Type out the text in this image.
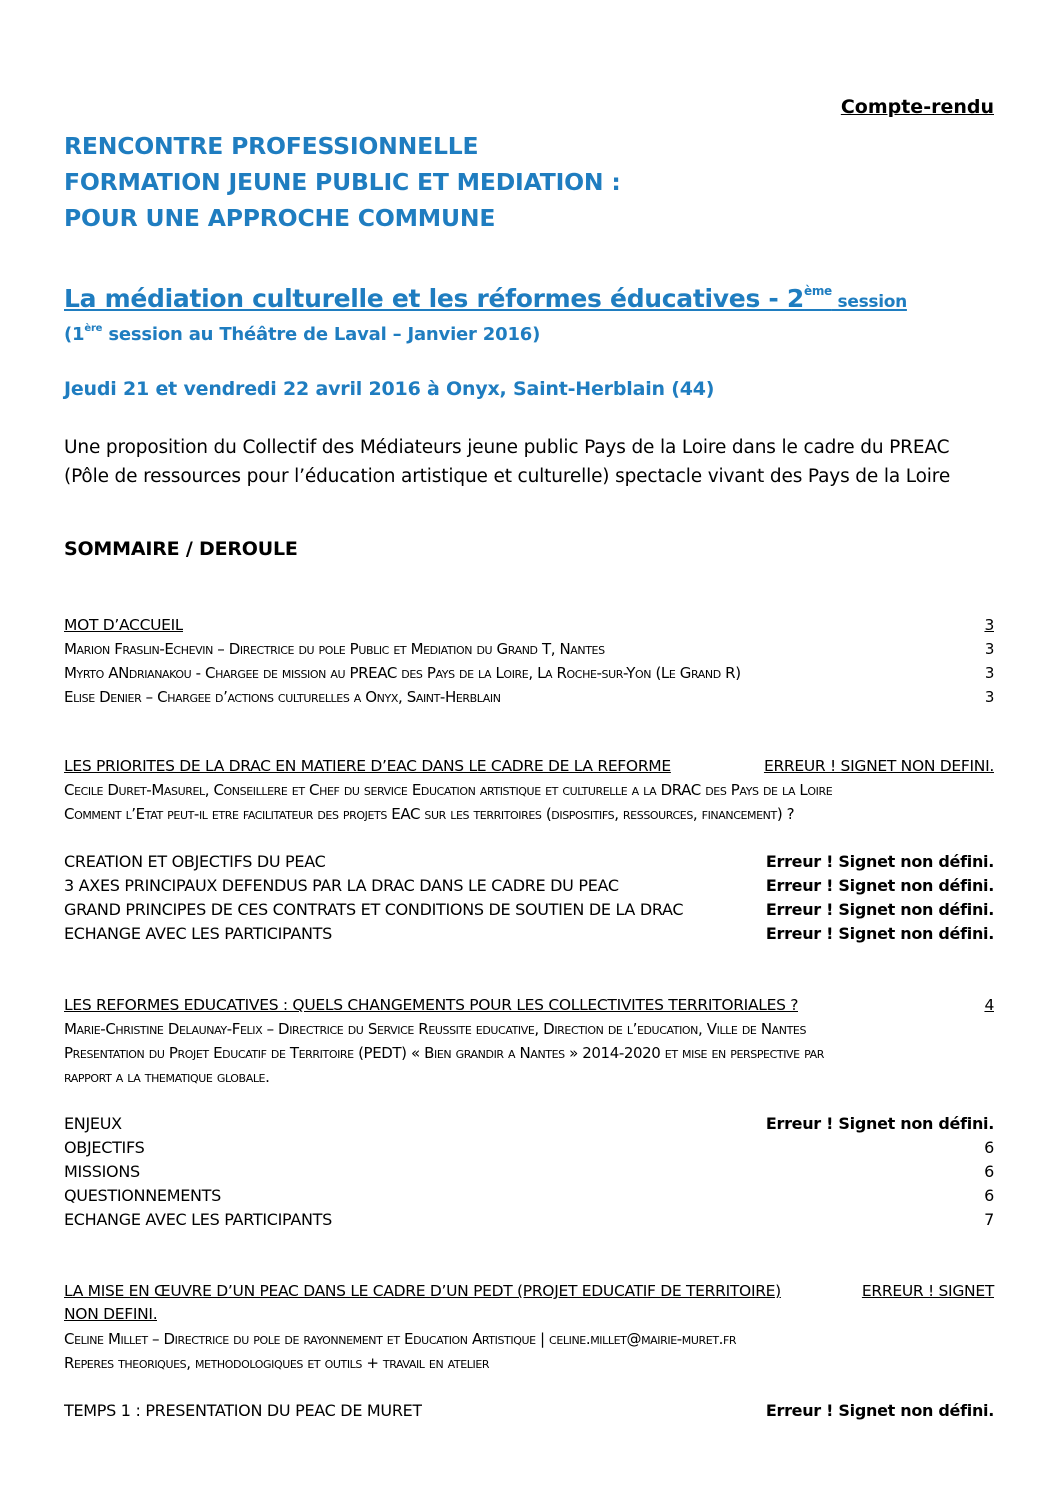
Compte-rendu
RENCONTRE PROFESSIONNELLE
FORMATION JEUNE PUBLIC ET MEDIATION :
POUR UNE APPROCHE COMMUNE
La médiation culturelle et les réformes éducatives - 2ème session
(1ère session au Théâtre de Laval – Janvier 2016)
Jeudi 21 et vendredi 22 avril 2016 à Onyx, Saint-Herblain (44)
Une proposition du Collectif des Médiateurs jeune public Pays de la Loire dans le cadre du PREAC
(Pôle de ressources pour l’éducation artistique et culturelle) spectacle vivant des Pays de la Loire
SOMMAIRE / DEROULE
MOT D’ACCUEIL	3
Marion Fraslin-Echevin – Directrice du pole Public et Mediation du Grand T, Nantes	3
Myrto ANdrianakou - Chargee de mission au PREAC des Pays de la Loire, La Roche-sur-Yon (Le Grand R)	3
Elise Denier – Chargee d’actions culturelles a Onyx, Saint-Herblain	3
LES PRIORITES DE LA DRAC EN MATIERE D’EAC DANS LE CADRE DE LA REFORME	ERREUR ! SIGNET NON DEFINI.
Cecile Duret-Masurel, Conseillere et Chef du service Education artistique et culturelle a la DRAC des Pays de la Loire
Comment l’Etat peut-il etre facilitateur des projets EAC sur les territoires (dispositifs, ressources, financement) ?
CREATION ET OBJECTIFS DU PEAC	Erreur ! Signet non défini.
3 AXES PRINCIPAUX DEFENDUS PAR LA DRAC DANS LE CADRE DU PEAC	Erreur ! Signet non défini.
GRAND PRINCIPES DE CES CONTRATS ET CONDITIONS DE SOUTIEN DE LA DRAC	Erreur ! Signet non défini.
ECHANGE AVEC LES PARTICIPANTS	Erreur ! Signet non défini.
LES REFORMES EDUCATIVES : QUELS CHANGEMENTS POUR LES COLLECTIVITES TERRITORIALES ?	4
Marie-Christine Delaunay-Felix – Directrice du Service Reussite educative, Direction de l’education, Ville de Nantes
Presentation du Projet Educatif de Territoire (PEDT) « Bien grandir a Nantes » 2014-2020 et mise en perspective par
rapport a la thematique globale.
ENJEUX	Erreur ! Signet non défini.
OBJECTIFS	6
MISSIONS	6
QUESTIONNEMENTS	6
ECHANGE AVEC LES PARTICIPANTS	7
LA MISE EN ŒUVRE D’UN PEAC DANS LE CADRE D’UN PEDT (PROJET EDUCATIF DE TERRITOIRE)	ERREUR ! SIGNET
NON DEFINI.
Celine Millet – Directrice du pole de rayonnement et Education Artistique | celine.millet@mairie-muret.fr
Reperes theoriques, methodologiques et outils + travail en atelier
TEMPS 1 : PRESENTATION DU PEAC DE MURET	Erreur ! Signet non défini.
